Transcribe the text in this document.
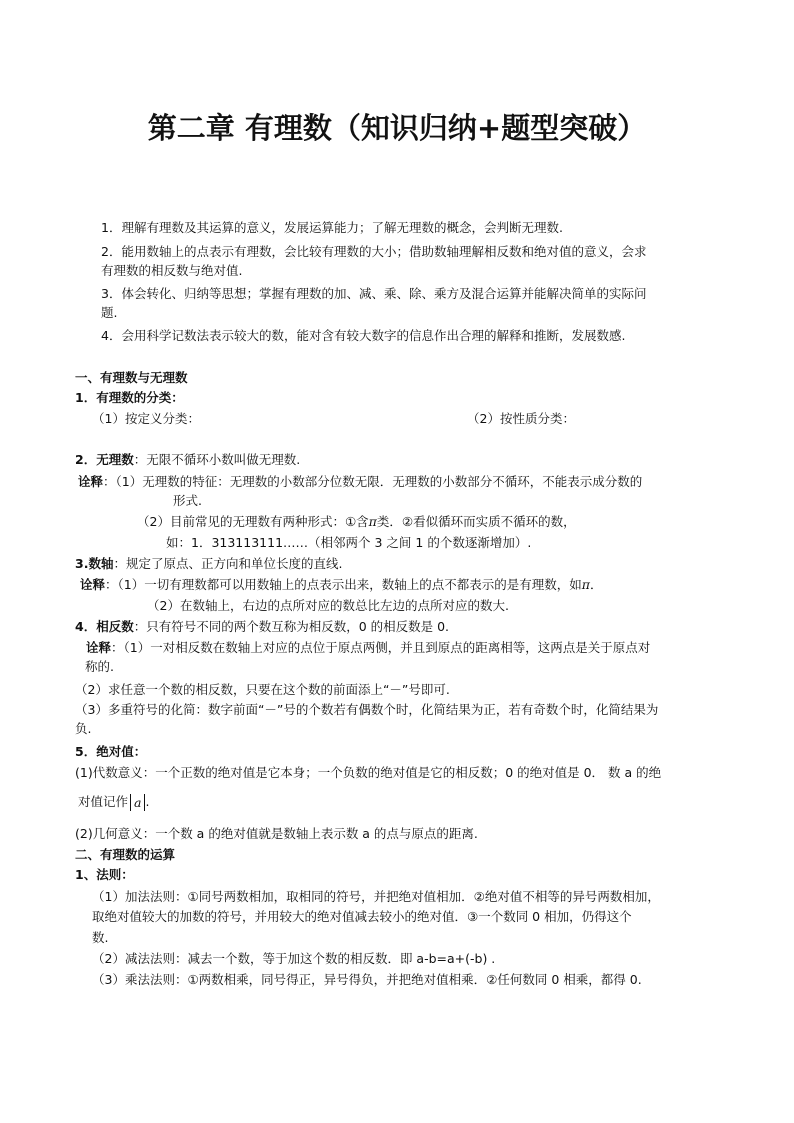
第二章 有理数（知识归纳+题型突破）
1．理解有理数及其运算的意义，发展运算能力；了解无理数的概念，会判断无理数.
2．能用数轴上的点表示有理数，会比较有理数的大小；借助数轴理解相反数和绝对值的意义，会求
有理数的相反数与绝对值.
3．体会转化、归纳等思想；掌握有理数的加、减、乘、除、乘方及混合运算并能解决简单的实际问
题.
4．会用科学记数法表示较大的数，能对含有较大数字的信息作出合理的解释和推断，发展数感.
一、有理数与无理数
1．有理数的分类：
（1）按定义分类：	（2）按性质分类：
2．无理数：无限不循环小数叫做无理数.
诠释：（1）无理数的特征：无理数的小数部分位数无限．无理数的小数部分不循环，不能表示成分数的
形式.
（2）目前常见的无理数有两种形式：①含π类．②看似循环而实质不循环的数，
如：1．313113111……（相邻两个 3 之间 1 的个数逐渐增加）.
3.数轴：规定了原点、正方向和单位长度的直线.
诠释：（1）一切有理数都可以用数轴上的点表示出来，数轴上的点不都表示的是有理数，如π．
（2）在数轴上，右边的点所对应的数总比左边的点所对应的数大.
4．相反数：只有符号不同的两个数互称为相反数，0 的相反数是 0.
诠释：（1）一对相反数在数轴上对应的点位于原点两侧，并且到原点的距离相等，这两点是关于原点对
称的.
（2）求任意一个数的相反数，只要在这个数的前面添上“－”号即可.
（3）多重符号的化简：数字前面“－”号的个数若有偶数个时，化简结果为正，若有奇数个时，化简结果为
负.
5．绝对值：
(1)代数意义：一个正数的绝对值是它本身；一个负数的绝对值是它的相反数；0 的绝对值是 0． 数 a 的绝
对值记作 a .
(2)几何意义：一个数 a 的绝对值就是数轴上表示数 a 的点与原点的距离.
二、有理数的运算
1、法则：
（1）加法法则：①同号两数相加，取相同的符号，并把绝对值相加．②绝对值不相等的异号两数相加，
取绝对值较大的加数的符号，并用较大的绝对值减去较小的绝对值．③一个数同 0 相加，仍得这个
数.
（2）减法法则：减去一个数，等于加这个数的相反数．即 a-b=a+(-b) .
（3）乘法法则：①两数相乘，同号得正，异号得负，并把绝对值相乘．②任何数同 0 相乘，都得 0.
